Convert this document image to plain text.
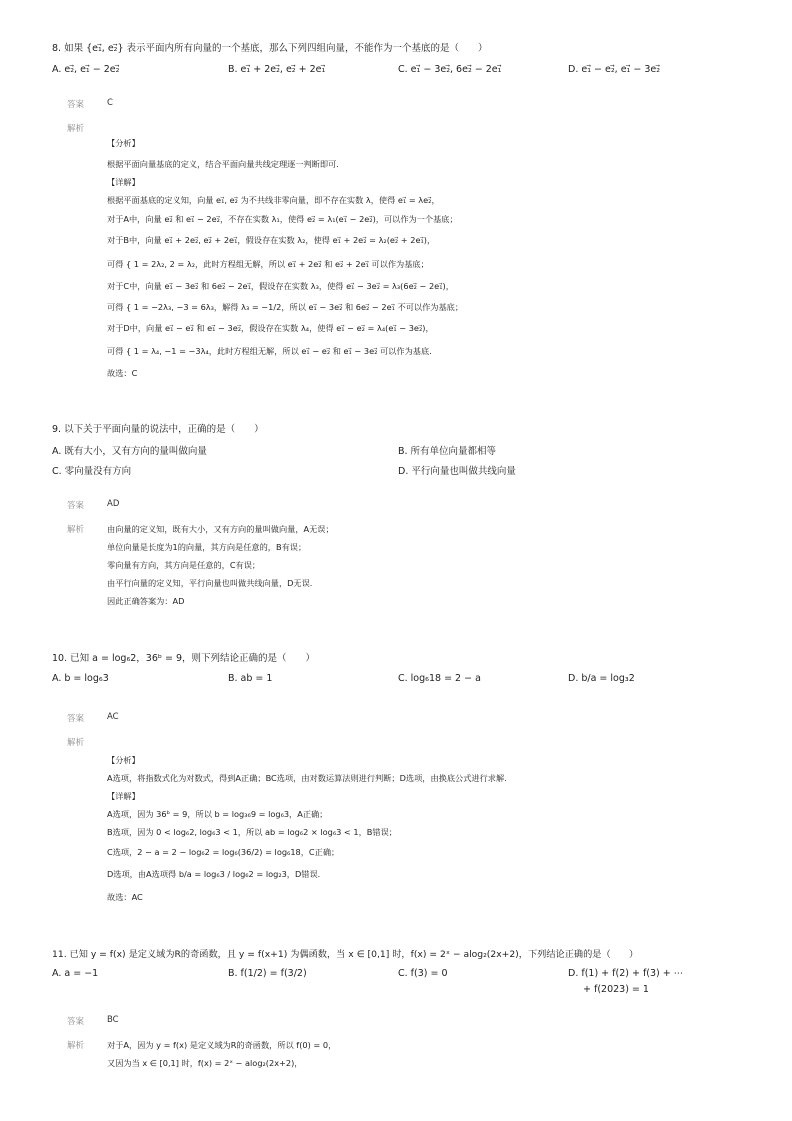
8. 如果 {e₁⃗, e₂⃗} 表示平面内所有向量的一个基底，那么下列四组向量，不能作为一个基底的是（　　）
A. e₂⃗, e₁⃗ − 2e₂⃗	B. e₁⃗ + 2e₂⃗, e₂⃗ + 2e₁⃗	C. e₁⃗ − 3e₂⃗, 6e₂⃗ − 2e₁⃗	D. e₁⃗ − e₂⃗, e₁⃗ − 3e₂⃗
答案	C
解析
【分析】
根据平面向量基底的定义，结合平面向量共线定理逐一判断即可.
【详解】
根据平面基底的定义知，向量 e₁⃗, e₂⃗ 为不共线非零向量，即不存在实数 λ，使得 e₁⃗ = λe₂⃗，
对于A中，向量 e₂⃗ 和 e₁⃗ − 2e₂⃗，不存在实数 λ₁，使得 e₂⃗ = λ₁(e₁⃗ − 2e₂⃗)，可以作为一个基底；
对于B中，向量 e₁⃗ + 2e₂⃗, e₂⃗ + 2e₁⃗，假设存在实数 λ₂，使得 e₁⃗ + 2e₂⃗ = λ₂(e₂⃗ + 2e₁⃗)，
可得 { 1 = 2λ₂, 2 = λ₂，此时方程组无解，所以 e₁⃗ + 2e₂⃗ 和 e₂⃗ + 2e₁⃗ 可以作为基底；
对于C中，向量 e₁⃗ − 3e₂⃗ 和 6e₂⃗ − 2e₁⃗，假设存在实数 λ₃，使得 e₁⃗ − 3e₂⃗ = λ₃(6e₂⃗ − 2e₁⃗)，
可得 { 1 = −2λ₃, −3 = 6λ₃，解得 λ₃ = −1/2，所以 e₁⃗ − 3e₂⃗ 和 6e₂⃗ − 2e₁⃗ 不可以作为基底；
对于D中，向量 e₁⃗ − e₂⃗ 和 e₁⃗ − 3e₂⃗，假设存在实数 λ₄，使得 e₁⃗ − e₂⃗ = λ₄(e₁⃗ − 3e₂⃗)，
可得 { 1 = λ₄, −1 = −3λ₄，此时方程组无解，所以 e₁⃗ − e₂⃗ 和 e₁⃗ − 3e₂⃗ 可以作为基底.
故选：C
9. 以下关于平面向量的说法中，正确的是（　　）
A. 既有大小，又有方向的量叫做向量	B. 所有单位向量都相等
C. 零向量没有方向	D. 平行向量也叫做共线向量
答案	AD
解析	由向量的定义知，既有大小，又有方向的量叫做向量，A无误；
单位向量是长度为1的向量，其方向是任意的，B有误；
零向量有方向，其方向是任意的，C有误；
由平行向量的定义知，平行向量也叫做共线向量，D无误.
因此正确答案为：AD
10. 已知 a = log₆2，36ᵇ = 9，则下列结论正确的是（　　）
A. b = log₆3	B. ab = 1	C. log₆18 = 2 − a	D. b/a = log₃2
答案	AC
解析
【分析】
A选项，将指数式化为对数式，得到A正确；BC选项，由对数运算法则进行判断；D选项，由换底公式进行求解.
【详解】
A选项，因为 36ᵇ = 9，所以 b = log₃₆9 = log₆3，A正确；
B选项，因为 0 < log₆2, log₆3 < 1，所以 ab = log₆2 × log₆3 < 1，B错误；
C选项，2 − a = 2 − log₆2 = log₆(36/2) = log₆18，C正确；
D选项，由A选项得 b/a = log₆3 / log₆2 = log₂3，D错误.
故选：AC
11. 已知 y = f(x) 是定义域为R的奇函数，且 y = f(x+1) 为偶函数，当 x ∈ [0,1] 时，f(x) = 2ˣ − alog₂(2x+2)，下列结论正确的是（　　）
A. a = −1	B. f(1/2) = f(3/2)	C. f(3) = 0	D. f(1) + f(2) + f(3) + ⋯
+ f(2023) = 1
答案	BC
解析	对于A，因为 y = f(x) 是定义域为R的奇函数，所以 f(0) = 0，
又因为当 x ∈ [0,1] 时，f(x) = 2ˣ − alog₂(2x+2)，
